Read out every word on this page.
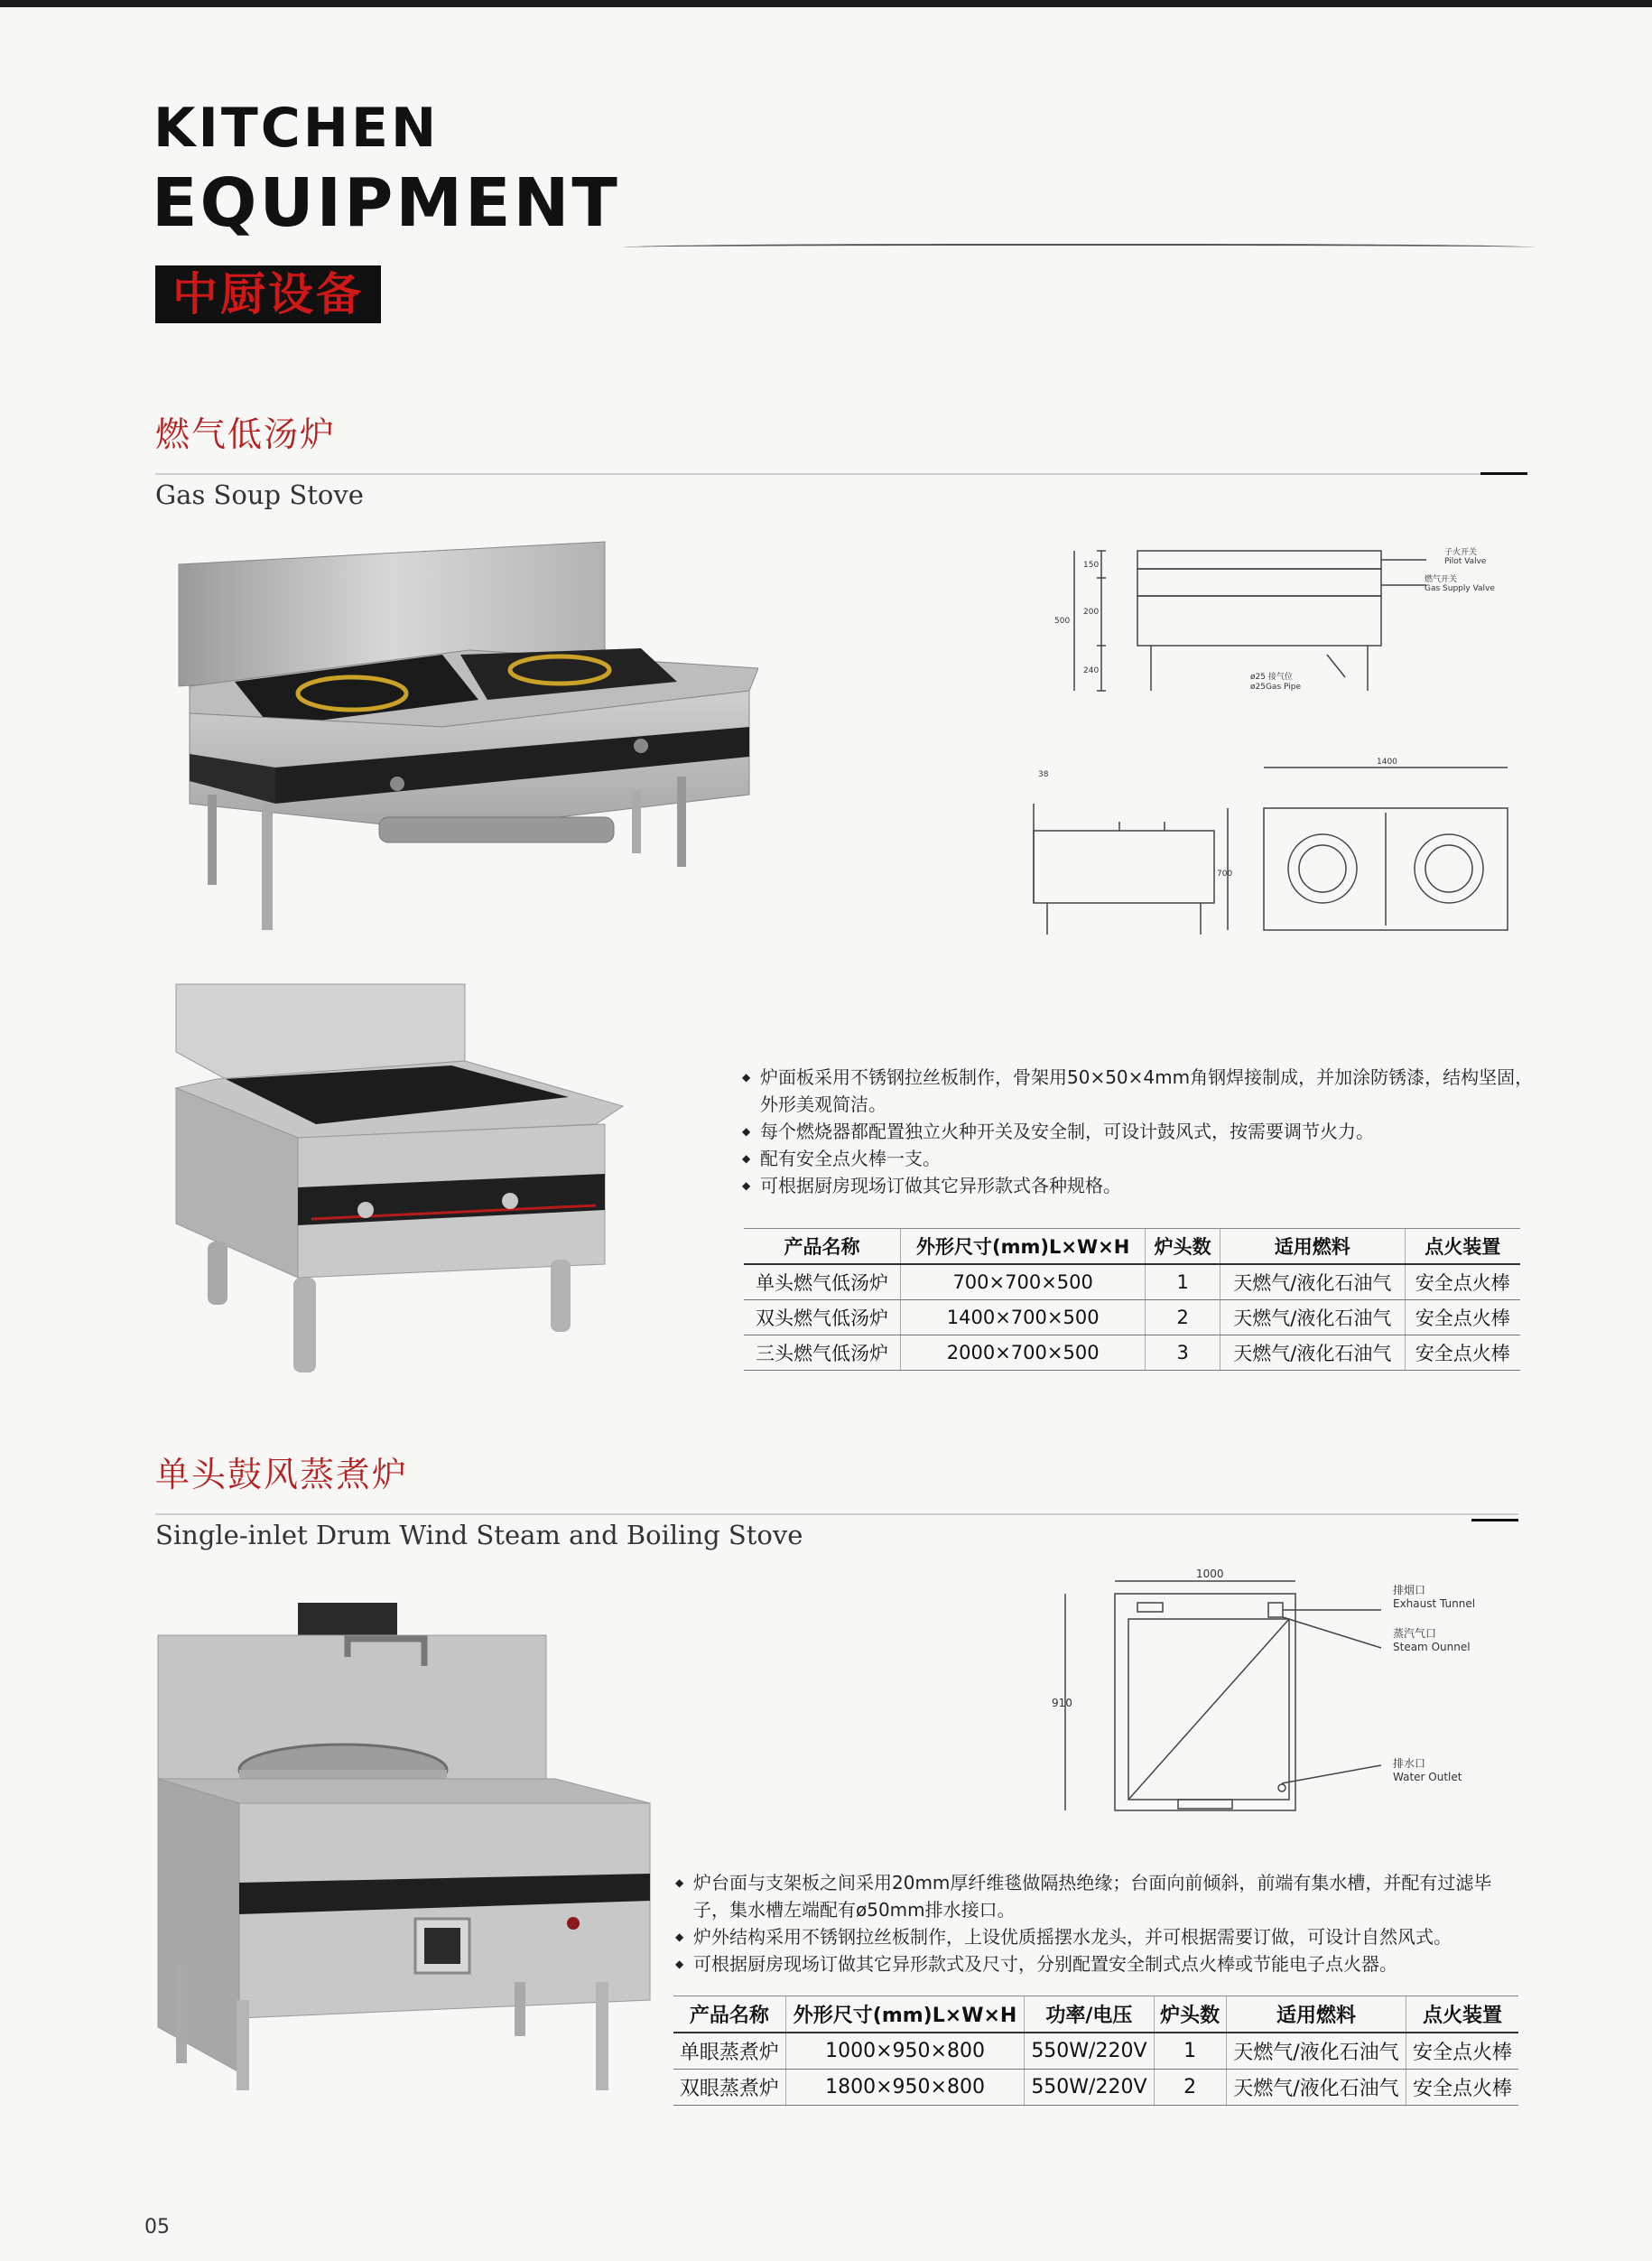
KITCHEN
EQUIPMENT
中厨设备
燃气低汤炉
Gas Soup Stove
子火开关
Pilot Valve
燃气开关
Gas Supply Valve
ø25 接气位
ø25Gas Pipe
150
200
500
240
1400
700
38
◆ 炉面板采用不锈钢拉丝板制作，骨架用50×50×4mm角钢焊接制成，并加涂防锈漆，结构坚固，外形美观简洁。
◆ 每个燃烧器都配置独立火种开关及安全制，可设计鼓风式，按需要调节火力。
◆ 配有安全点火棒一支。
◆ 可根据厨房现场订做其它异形款式各种规格。
产品名称	外形尺寸(mm)L×W×H	炉头数	适用燃料	点火装置
单头燃气低汤炉	700×700×500	1	天燃气/液化石油气	安全点火棒
双头燃气低汤炉	1400×700×500	2	天燃气/液化石油气	安全点火棒
三头燃气低汤炉	2000×700×500	3	天燃气/液化石油气	安全点火棒
单头鼓风蒸煮炉
Single-inlet Drum Wind Steam and Boiling Stove
1000
910
排烟口
Exhaust Tunnel
蒸汽气口
Steam Ounnel
排水口
Water Outlet
◆ 炉台面与支架板之间采用20mm厚纤维毯做隔热绝缘；台面向前倾斜，前端有集水槽，并配有过滤毕子，集水槽左端配有ø50mm排水接口。
◆ 炉外结构采用不锈钢拉丝板制作，上设优质摇摆水龙头，并可根据需要订做，可设计自然风式。
◆ 可根据厨房现场订做其它异形款式及尺寸，分别配置安全制式点火棒或节能电子点火器。
产品名称	外形尺寸(mm)L×W×H	功率/电压	炉头数	适用燃料	点火装置
单眼蒸煮炉	1000×950×800	550W/220V	1	天燃气/液化石油气	安全点火棒
双眼蒸煮炉	1800×950×800	550W/220V	2	天燃气/液化石油气	安全点火棒
05
